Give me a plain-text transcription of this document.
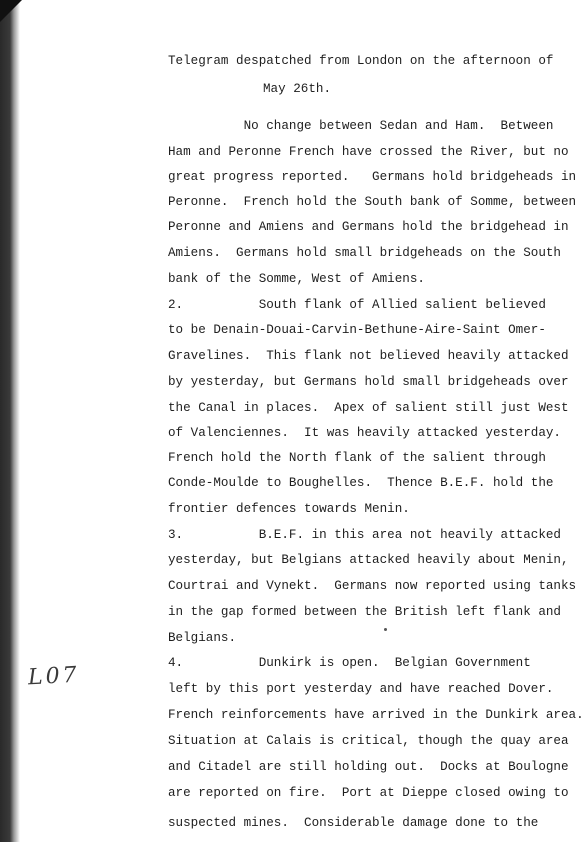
Telegram despatched from London on the afternoon of
May 26th.
No change between Sedan and Ham.  Between
Ham and Peronne French have crossed the River, but no
great progress reported.   Germans hold bridgeheads in
Peronne.  French hold the South bank of Somme, between
Peronne and Amiens and Germans hold the bridgehead in
Amiens.  Germans hold small bridgeheads on the South
bank of the Somme, West of Amiens.
2.          South flank of Allied salient believed
to be Denain-Douai-Carvin-Bethune-Aire-Saint Omer-
Gravelines.  This flank not believed heavily attacked
by yesterday, but Germans hold small bridgeheads over
the Canal in places.  Apex of salient still just West
of Valenciennes.  It was heavily attacked yesterday.
French hold the North flank of the salient through
Conde-Moulde to Boughelles.  Thence B.E.F. hold the
frontier defences towards Menin.
3.          B.E.F. in this area not heavily attacked
yesterday, but Belgians attacked heavily about Menin,
Courtrai and Vynekt.  Germans now reported using tanks
in the gap formed between the British left flank and
Belgians.
4.          Dunkirk is open.  Belgian Government
left by this port yesterday and have reached Dover.
French reinforcements have arrived in the Dunkirk area.
Situation at Calais is critical, though the quay area
and Citadel are still holding out.  Docks at Boulogne
are reported on fire.  Port at Dieppe closed owing to
suspected mines.  Considerable damage done to the
L07
